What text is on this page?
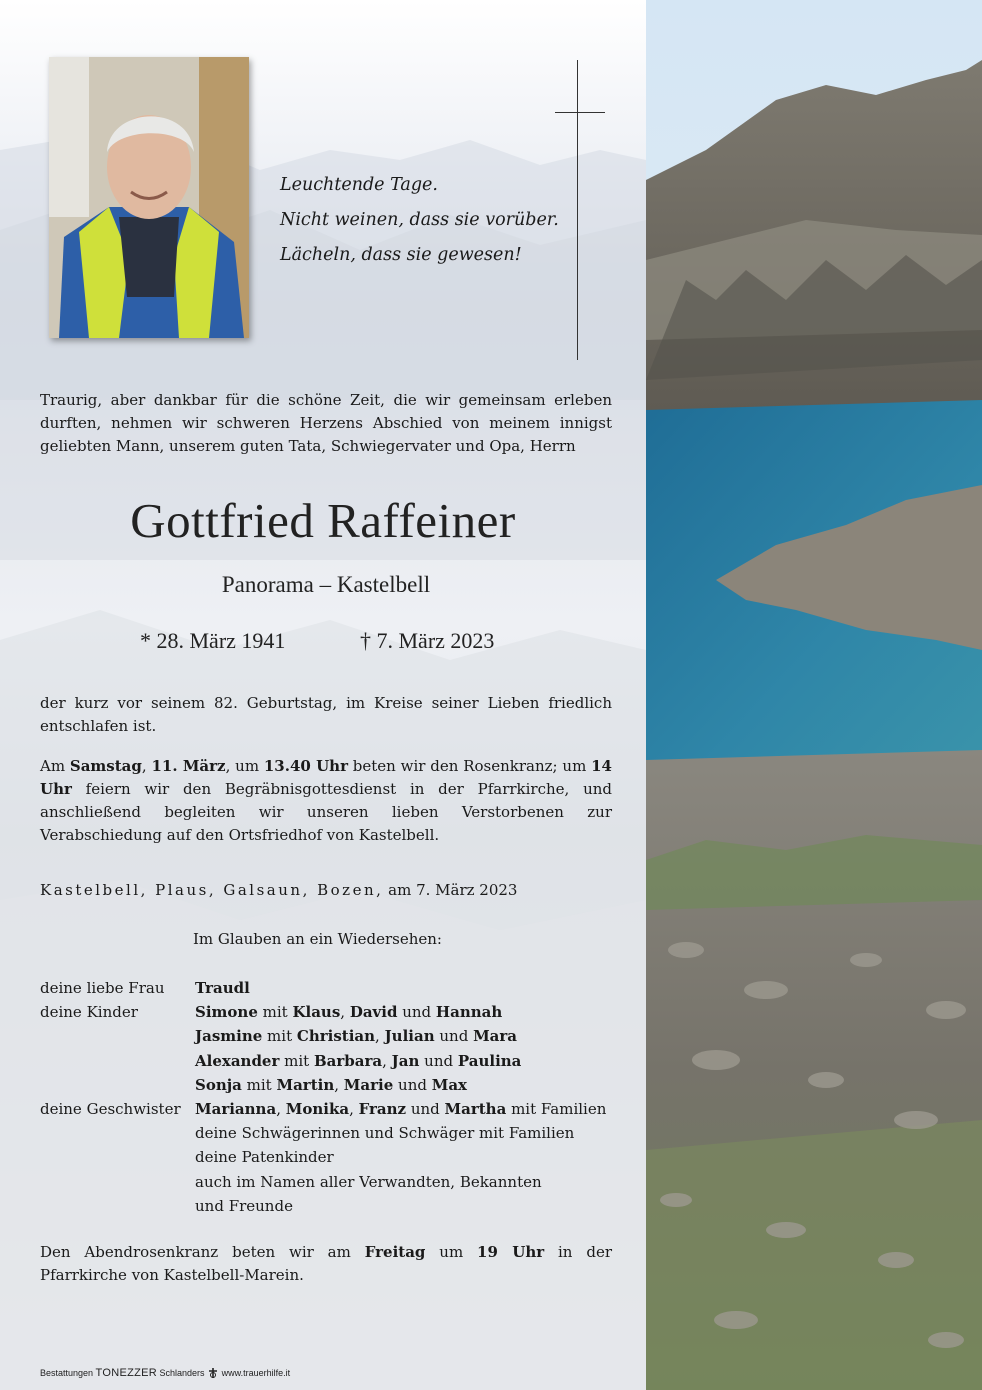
Leuchtende Tage.
Nicht weinen, dass sie vorüber.
Lächeln, dass sie gewesen!
Traurig, aber dankbar für die schöne Zeit, die wir gemeinsam erleben durften, nehmen wir schweren Herzens Abschied von meinem innigst geliebten Mann, unserem guten Tata, Schwiegervater und Opa, Herrn
Gottfried Raffeiner
Panorama – Kastelbell
* 28. März 1941	† 7. März 2023
der kurz vor seinem 82. Geburtstag, im Kreise seiner Lieben friedlich entschlafen ist.
Am Samstag, 11. März, um 13.40 Uhr beten wir den Rosenkranz; um 14 Uhr feiern wir den Begräbnisgottesdienst in der Pfarrkirche, und anschließend begleiten wir unseren lieben Verstorbenen zur Verabschiedung auf den Ortsfriedhof von Kastelbell.
Kastelbell, Plaus, Galsaun, Bozen, am 7. März 2023
Im Glauben an ein Wiedersehen:
deine liebe Frau Traudl
deine Kinder	Simone mit Klaus, David und Hannah
Jasmine mit Christian, Julian und Mara
Alexander mit Barbara, Jan und Paulina
Sonja mit Martin, Marie und Max
deine Geschwister Marianna, Monika, Franz und Martha mit Familien
deine Schwägerinnen und Schwäger mit Familien
deine Patenkinder
auch im Namen aller Verwandten, Bekannten
und Freunde
Den Abendrosenkranz beten wir am Freitag um 19 Uhr in der Pfarrkirche von Kastelbell-Marein.
Bestattungen TONEZZER Schlanders www.trauerhilfe.it
